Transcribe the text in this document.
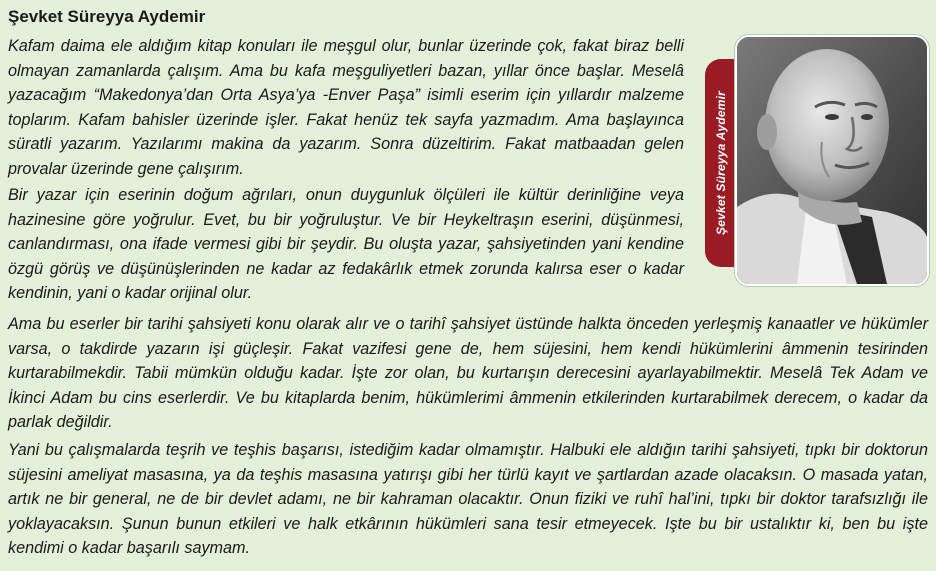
Şevket Süreyya Aydemir

Kafam daima ele aldığım kitap konuları ile meşgul olur, bunlar üzerinde çok, fakat biraz belli olmayan zamanlarda çalışım. Ama bu kafa meşguliyetleri bazan, yıllar önce başlar. Meselâ yazacağım “Makedonya’dan Orta Asya’ya -Enver Paşa” isimli eserim için yıllardır malzeme toplarım. Kafam bahisler üzerinde işler. Fakat henüz tek sayfa yazmadım. Ama başlayınca süratli yazarım. Yazılarımı makina da yazarım. Sonra düzeltirim. Fakat matbaadan gelen provalar üzerinde gene çalışırım.

Bir yazar için eserinin doğum ağrıları, onun duygunluk ölçüleri ile kültür derinliğine veya hazinesine göre yoğrulur. Evet, bu bir yoğruluştur. Ve bir Heykeltraşın eserini, düşünmesi, canlandırması, ona ifade vermesi gibi bir şeydir. Bu oluşta yazar, şahsiyetinden yani kendine özgü görüş ve düşünüşlerinden ne kadar az fedakârlık etmek zorunda kalırsa eser o kadar kendinin, yani o kadar orijinal olur.

Ama bu eserler bir tarihi şahsiyeti konu olarak alır ve o tarihî şahsiyet üstünde halkta önceden yerleşmiş kanaatler ve hükümler varsa, o takdirde yazarın işi güçleşir. Fakat vazifesi gene de, hem süjesini, hem kendi hükümlerini âmmenin tesirinden kurtarabilmekdir. Tabii mümkün olduğu kadar. İşte zor olan, bu kurtarışın derecesini ayarlayabilmektir. Meselâ Tek Adam ve İkinci Adam bu cins eserlerdir. Ve bu kitaplarda benim, hükümlerimi âmmenin etkilerinden kurtarabilmek derecem, o kadar da parlak değildir.

Yani bu çalışmalarda teşrih ve teşhis başarısı, istediğim kadar olmamıştır. Halbuki ele aldığın tarihi şahsiyeti, tıpkı bir doktorun süjesini ameliyat masasına, ya da teşhis masasına yatırışı gibi her türlü kayıt ve şartlardan azade olacaksın. O masada yatan, artık ne bir general, ne de bir devlet adamı, ne bir kahraman olacaktır. Onun fiziki ve ruhî hal’ini, tıpkı bir doktor tarafsızlığı ile yoklayacaksın. Şunun bunun etkileri ve halk etkârının hükümleri sana tesir etmeyecek. Işte bu bir ustalıktır ki, ben bu işte kendimi o kadar başarılı saymam.

Şevket Süreyya Aydemir
